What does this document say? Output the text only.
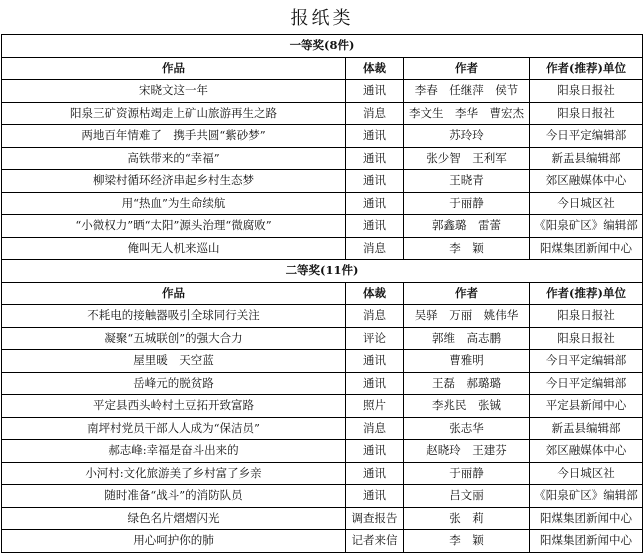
报纸类
一等奖(8件)			
作品	体裁	作者	作者(推荐)单位
宋晓文这一年	通讯	李春　任继萍　侯节	阳泉日报社
阳泉三矿资源枯竭走上矿山旅游再生之路	消息	李文生　李华　曹宏杰	阳泉日报社
两地百年情难了　携手共圆“紫砂梦”	通讯	苏玲玲	今日平定编辑部
高铁带来的“幸福”	通讯	张少智　王利军	新盂县编辑部
柳梁村循环经济串起乡村生态梦	通讯	王晓青	郊区融媒体中心
用“热血”为生命续航	通讯	于丽静	今日城区社
“小微权力”晒“太阳”源头治理“微腐败”	通讯	郭鑫璐　雷蕾	《阳泉矿区》编辑部
俺叫无人机来巡山	消息	李　颖	阳煤集团新闻中心
二等奖(11件)			
作品	体裁	作者	作者(推荐)单位
不耗电的接触器吸引全球同行关注	消息	吴驿　万丽　姚伟华	阳泉日报社
凝聚“五城联创”的强大合力	评论	郭维　高志鹏	阳泉日报社
屋里暖　天空蓝	通讯	曹雅明	今日平定编辑部
岳峰元的脱贫路	通讯	王磊　郝璐璐	今日平定编辑部
平定县西头岭村土豆拓开致富路	照片	李兆民　张铖	平定县新闻中心
南坪村党员干部人人成为“保洁员”	消息	张志华	新盂县编辑部
郝志峰:幸福是奋斗出来的	通讯	赵晓玲　王建芬	郊区融媒体中心
小河村:文化旅游美了乡村富了乡亲	通讯	于丽静	今日城区社
随时准备“战斗”的消防队员	通讯	吕文丽	《阳泉矿区》编辑部
绿色名片熠熠闪光	调查报告	张　莉	阳煤集团新闻中心
用心呵护你的肺	记者来信	李　颖	阳煤集团新闻中心
